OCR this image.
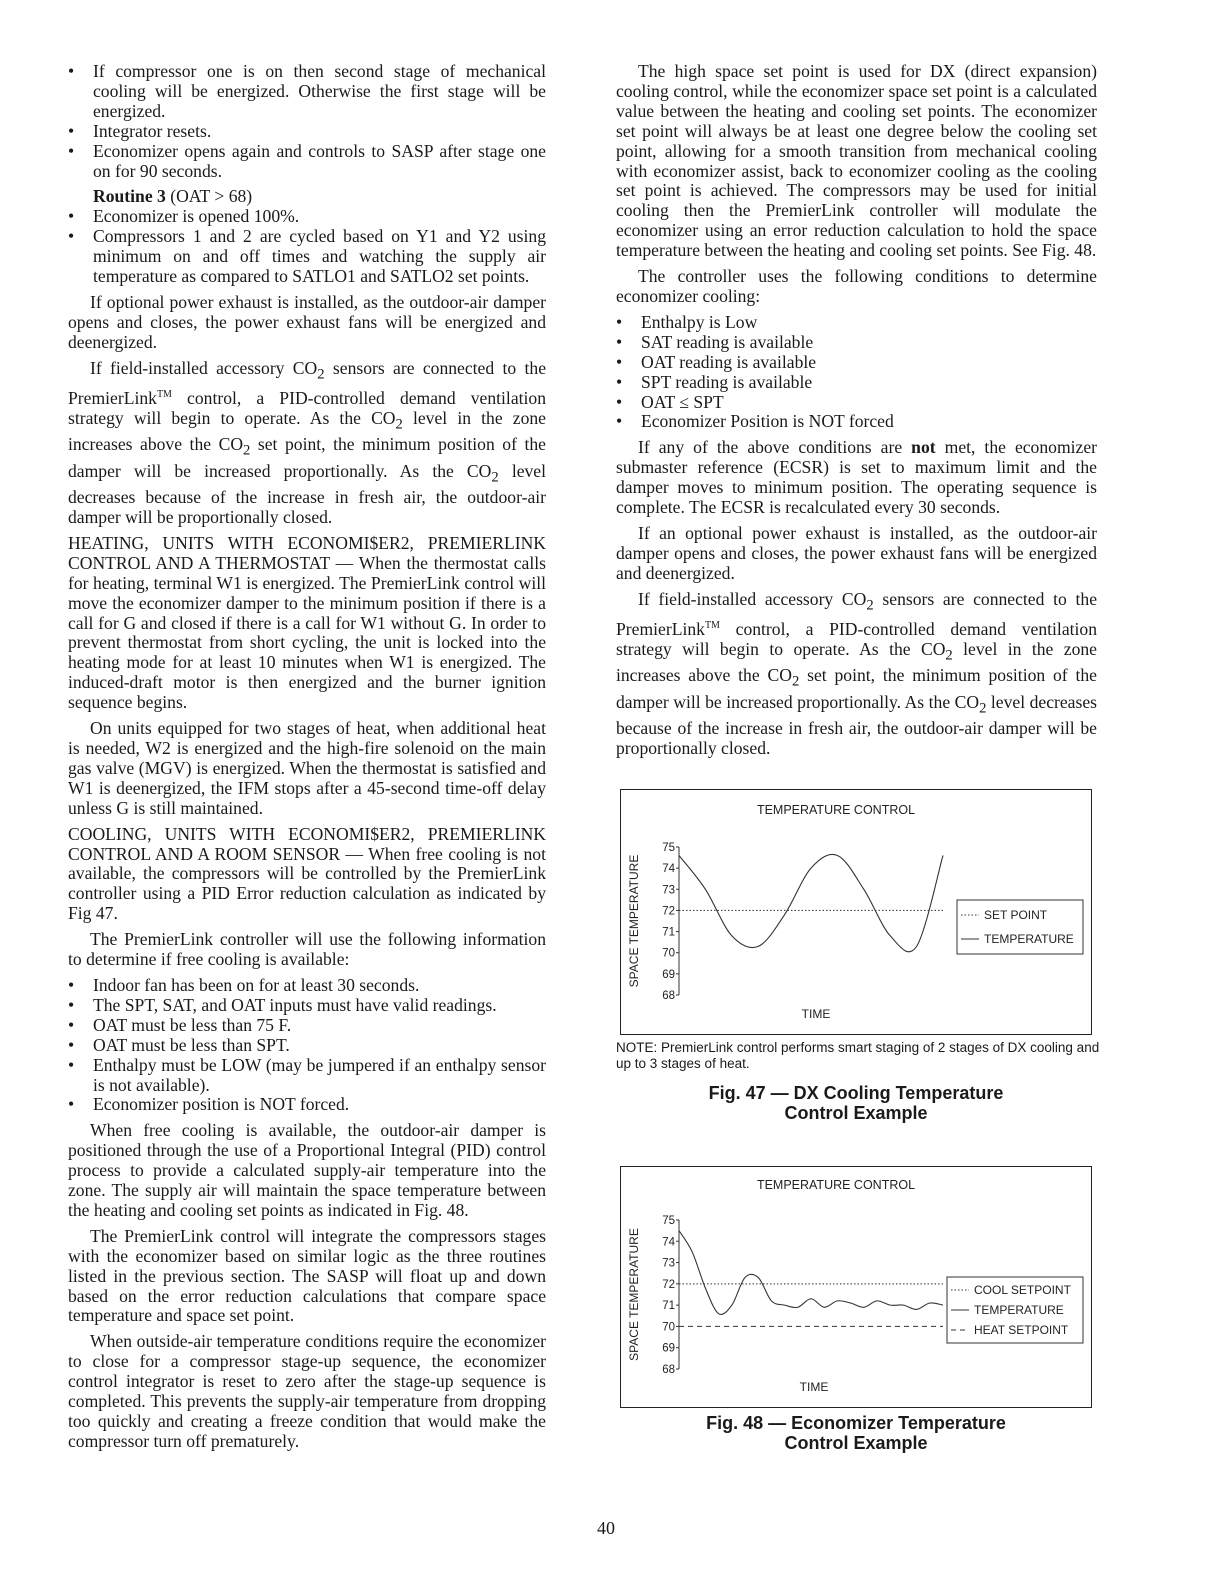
• If compressor one is on then second stage of mechanical cooling will be energized. Otherwise the first stage will be energized.
• Integrator resets.
• Economizer opens again and controls to SASP after stage one on for 90 seconds.

Routine 3 (OAT > 68)

• Economizer is opened 100%.
• Compressors 1 and 2 are cycled based on Y1 and Y2 using minimum on and off times and watching the supply air temperature as compared to SATLO1 and SATLO2 set points.

If optional power exhaust is installed, as the outdoor-air damper opens and closes, the power exhaust fans will be energized and deenergized.

If field-installed accessory $CO_2$ sensors are connected to the PremierLink™ control, a PID-controlled demand ventilation strategy will begin to operate. As the $CO_2$ level in the zone increases above the $CO_2$ set point, the minimum position of the damper will be increased proportionally. As the $CO_2$ level decreases because of the increase in fresh air, the outdoor-air damper will be proportionally closed.

HEATING, UNITS WITH ECONOMI$ER2, PREMIERLINK CONTROL AND A THERMOSTAT — When the thermostat calls for heating, terminal W1 is energized. The PremierLink control will move the economizer damper to the minimum position if there is a call for G and closed if there is a call for W1 without G. In order to prevent thermostat from short cycling, the unit is locked into the heating mode for at least 10 minutes when W1 is energized. The induced-draft motor is then energized and the burner ignition sequence begins.

On units equipped for two stages of heat, when additional heat is needed, W2 is energized and the high-fire solenoid on the main gas valve (MGV) is energized. When the thermostat is satisfied and W1 is deenergized, the IFM stops after a 45-second time-off delay unless G is still maintained.

COOLING, UNITS WITH ECONOMI$ER2, PREMIERLINK CONTROL AND A ROOM SENSOR — When free cooling is not available, the compressors will be controlled by the PremierLink controller using a PID Error reduction calculation as indicated by Fig 47.

The PremierLink controller will use the following information to determine if free cooling is available:

• Indoor fan has been on for at least 30 seconds.
• The SPT, SAT, and OAT inputs must have valid readings.
• OAT must be less than 75 F.
• OAT must be less than SPT.
• Enthalpy must be LOW (may be jumpered if an enthalpy sensor is not available).
• Economizer position is NOT forced.

When free cooling is available, the outdoor-air damper is positioned through the use of a Proportional Integral (PID) control process to provide a calculated supply-air temperature into the zone. The supply air will maintain the space temperature between the heating and cooling set points as indicated in Fig. 48.

The PremierLink control will integrate the compressors stages with the economizer based on similar logic as the three routines listed in the previous section. The SASP will float up and down based on the error reduction calculations that compare space temperature and space set point.

When outside-air temperature conditions require the economizer to close for a compressor stage-up sequence, the economizer control integrator is reset to zero after the stage-up sequence is completed. This prevents the supply-air temperature from dropping too quickly and creating a freeze condition that would make the compressor turn off prematurely.

The high space set point is used for DX (direct expansion) cooling control, while the economizer space set point is a calculated value between the heating and cooling set points. The economizer set point will always be at least one degree below the cooling set point, allowing for a smooth transition from mechanical cooling with economizer assist, back to economizer cooling as the cooling set point is achieved. The compressors may be used for initial cooling then the PremierLink controller will modulate the economizer using an error reduction calculation to hold the space temperature between the heating and cooling set points. See Fig. 48.

The controller uses the following conditions to determine economizer cooling:

• Enthalpy is Low
• SAT reading is available
• OAT reading is available
• SPT reading is available
• OAT ≤ SPT
• Economizer Position is NOT forced

If any of the above conditions are not met, the economizer submaster reference (ECSR) is set to maximum limit and the damper moves to minimum position. The operating sequence is complete. The ECSR is recalculated every 30 seconds.

If an optional power exhaust is installed, as the outdoor-air damper opens and closes, the power exhaust fans will be energized and deenergized.

If field-installed accessory $CO_2$ sensors are connected to the PremierLink™ control, a PID-controlled demand ventilation strategy will begin to operate. As the $CO_2$ level in the zone increases above the $CO_2$ set point, the minimum position of the damper will be increased proportionally. As the $CO_2$ level decreases because of the increase in fresh air, the outdoor-air damper will be proportionally closed.

TEMPERATURE CONTROL
SPACE TEMPERATURE
75
74
73
72
71
70
69
68
TIME
SET POINT
TEMPERATURE
NOTE: PremierLink control performs smart staging of 2 stages of DX cooling and up to 3 stages of heat.
Fig. 47 — DX Cooling Temperature
Control Example
TEMPERATURE CONTROL
SPACE TEMPERATURE
75
74
73
72
71
70
69
68
TIME
COOL SETPOINT
TEMPERATURE
HEAT SETPOINT
Fig. 48 — Economizer Temperature
Control Example
40
